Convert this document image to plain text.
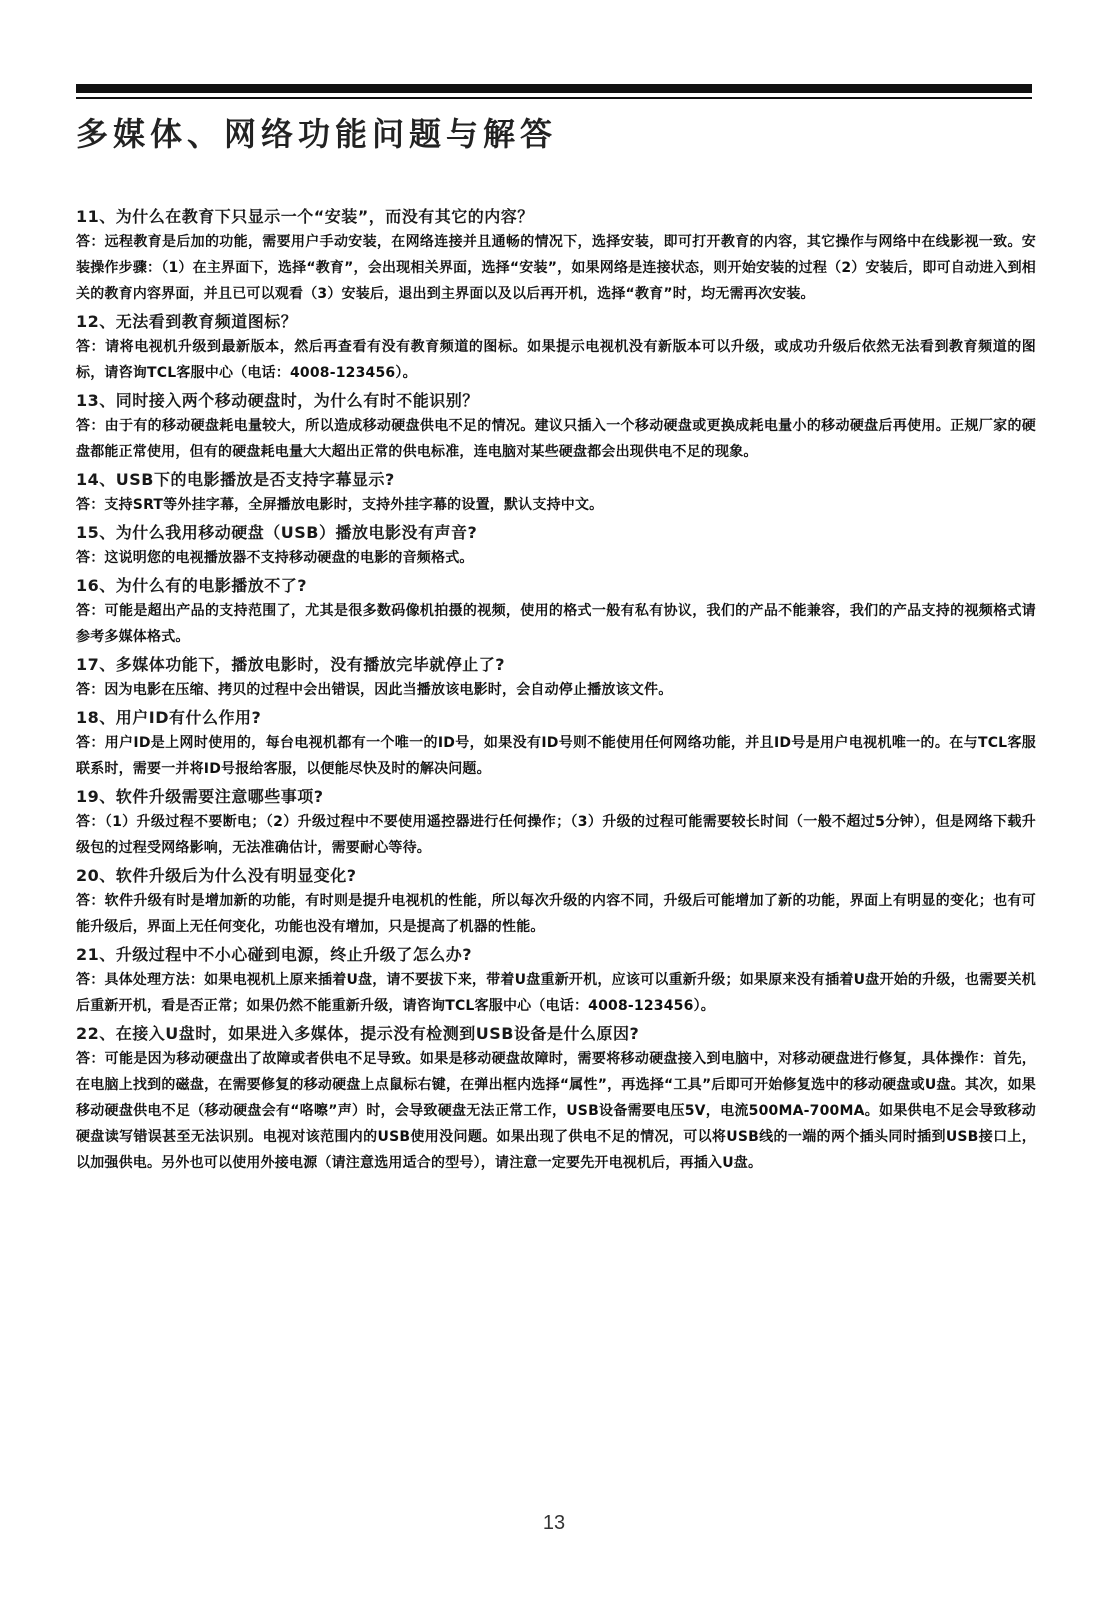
多媒体、网络功能问题与解答
11、为什么在教育下只显示一个“安装”，而没有其它的内容？
答：远程教育是后加的功能，需要用户手动安装，在网络连接并且通畅的情况下，选择安装，即可打开教育的内容，其它操作与网络中在线影视一致。安装操作步骤：（1）在主界面下，选择“教育”，会出现相关界面，选择“安装”，如果网络是连接状态，则开始安装的过程（2）安装后，即可自动进入到相关的教育内容界面，并且已可以观看（3）安装后，退出到主界面以及以后再开机，选择“教育”时，均无需再次安装。
12、无法看到教育频道图标？
答：请将电视机升级到最新版本，然后再查看有没有教育频道的图标。如果提示电视机没有新版本可以升级，或成功升级后依然无法看到教育频道的图标，请咨询TCL客服中心（电话：4008-123456）。
13、同时接入两个移动硬盘时，为什么有时不能识别？
答：由于有的移动硬盘耗电量较大，所以造成移动硬盘供电不足的情况。建议只插入一个移动硬盘或更换成耗电量小的移动硬盘后再使用。正规厂家的硬盘都能正常使用，但有的硬盘耗电量大大超出正常的供电标准，连电脑对某些硬盘都会出现供电不足的现象。
14、USB下的电影播放是否支持字幕显示?
答：支持SRT等外挂字幕，全屏播放电影时，支持外挂字幕的设置，默认支持中文。
15、为什么我用移动硬盘（USB）播放电影没有声音?
答：这说明您的电视播放器不支持移动硬盘的电影的音频格式。
16、为什么有的电影播放不了?
答：可能是超出产品的支持范围了，尤其是很多数码像机拍摄的视频，使用的格式一般有私有协议，我们的产品不能兼容，我们的产品支持的视频格式请参考多媒体格式。
17、多媒体功能下，播放电影时，没有播放完毕就停止了?
答：因为电影在压缩、拷贝的过程中会出错误，因此当播放该电影时，会自动停止播放该文件。
18、用户ID有什么作用?
答：用户ID是上网时使用的，每台电视机都有一个唯一的ID号，如果没有ID号则不能使用任何网络功能，并且ID号是用户电视机唯一的。在与TCL客服联系时，需要一并将ID号报给客服，以便能尽快及时的解决问题。
19、软件升级需要注意哪些事项?
答：（1）升级过程不要断电；（2）升级过程中不要使用遥控器进行任何操作；（3）升级的过程可能需要较长时间（一般不超过5分钟），但是网络下载升级包的过程受网络影响，无法准确估计，需要耐心等待。
20、软件升级后为什么没有明显变化?
答：软件升级有时是增加新的功能，有时则是提升电视机的性能，所以每次升级的内容不同，升级后可能增加了新的功能，界面上有明显的变化；也有可能升级后，界面上无任何变化，功能也没有增加，只是提高了机器的性能。
21、升级过程中不小心碰到电源，终止升级了怎么办?
答：具体处理方法：如果电视机上原来插着U盘，请不要拔下来，带着U盘重新开机，应该可以重新升级；如果原来没有插着U盘开始的升级，也需要关机后重新开机，看是否正常；如果仍然不能重新升级，请咨询TCL客服中心（电话：4008-123456）。
22、在接入U盘时，如果进入多媒体，提示没有检测到USB设备是什么原因?
答：可能是因为移动硬盘出了故障或者供电不足导致。如果是移动硬盘故障时，需要将移动硬盘接入到电脑中，对移动硬盘进行修复，具体操作：首先，在电脑上找到的磁盘，在需要修复的移动硬盘上点鼠标右键，在弹出框内选择“属性”，再选择“工具”后即可开始修复选中的移动硬盘或U盘。其次，如果移动硬盘供电不足（移动硬盘会有“咯嚓”声）时，会导致硬盘无法正常工作，USB设备需要电压5V，电流500MA-700MA。如果供电不足会导致移动硬盘读写错误甚至无法识别。电视对该范围内的USB使用没问题。如果出现了供电不足的情况，可以将USB线的一端的两个插头同时插到USB接口上，以加强供电。另外也可以使用外接电源（请注意选用适合的型号），请注意一定要先开电视机后，再插入U盘。
13
